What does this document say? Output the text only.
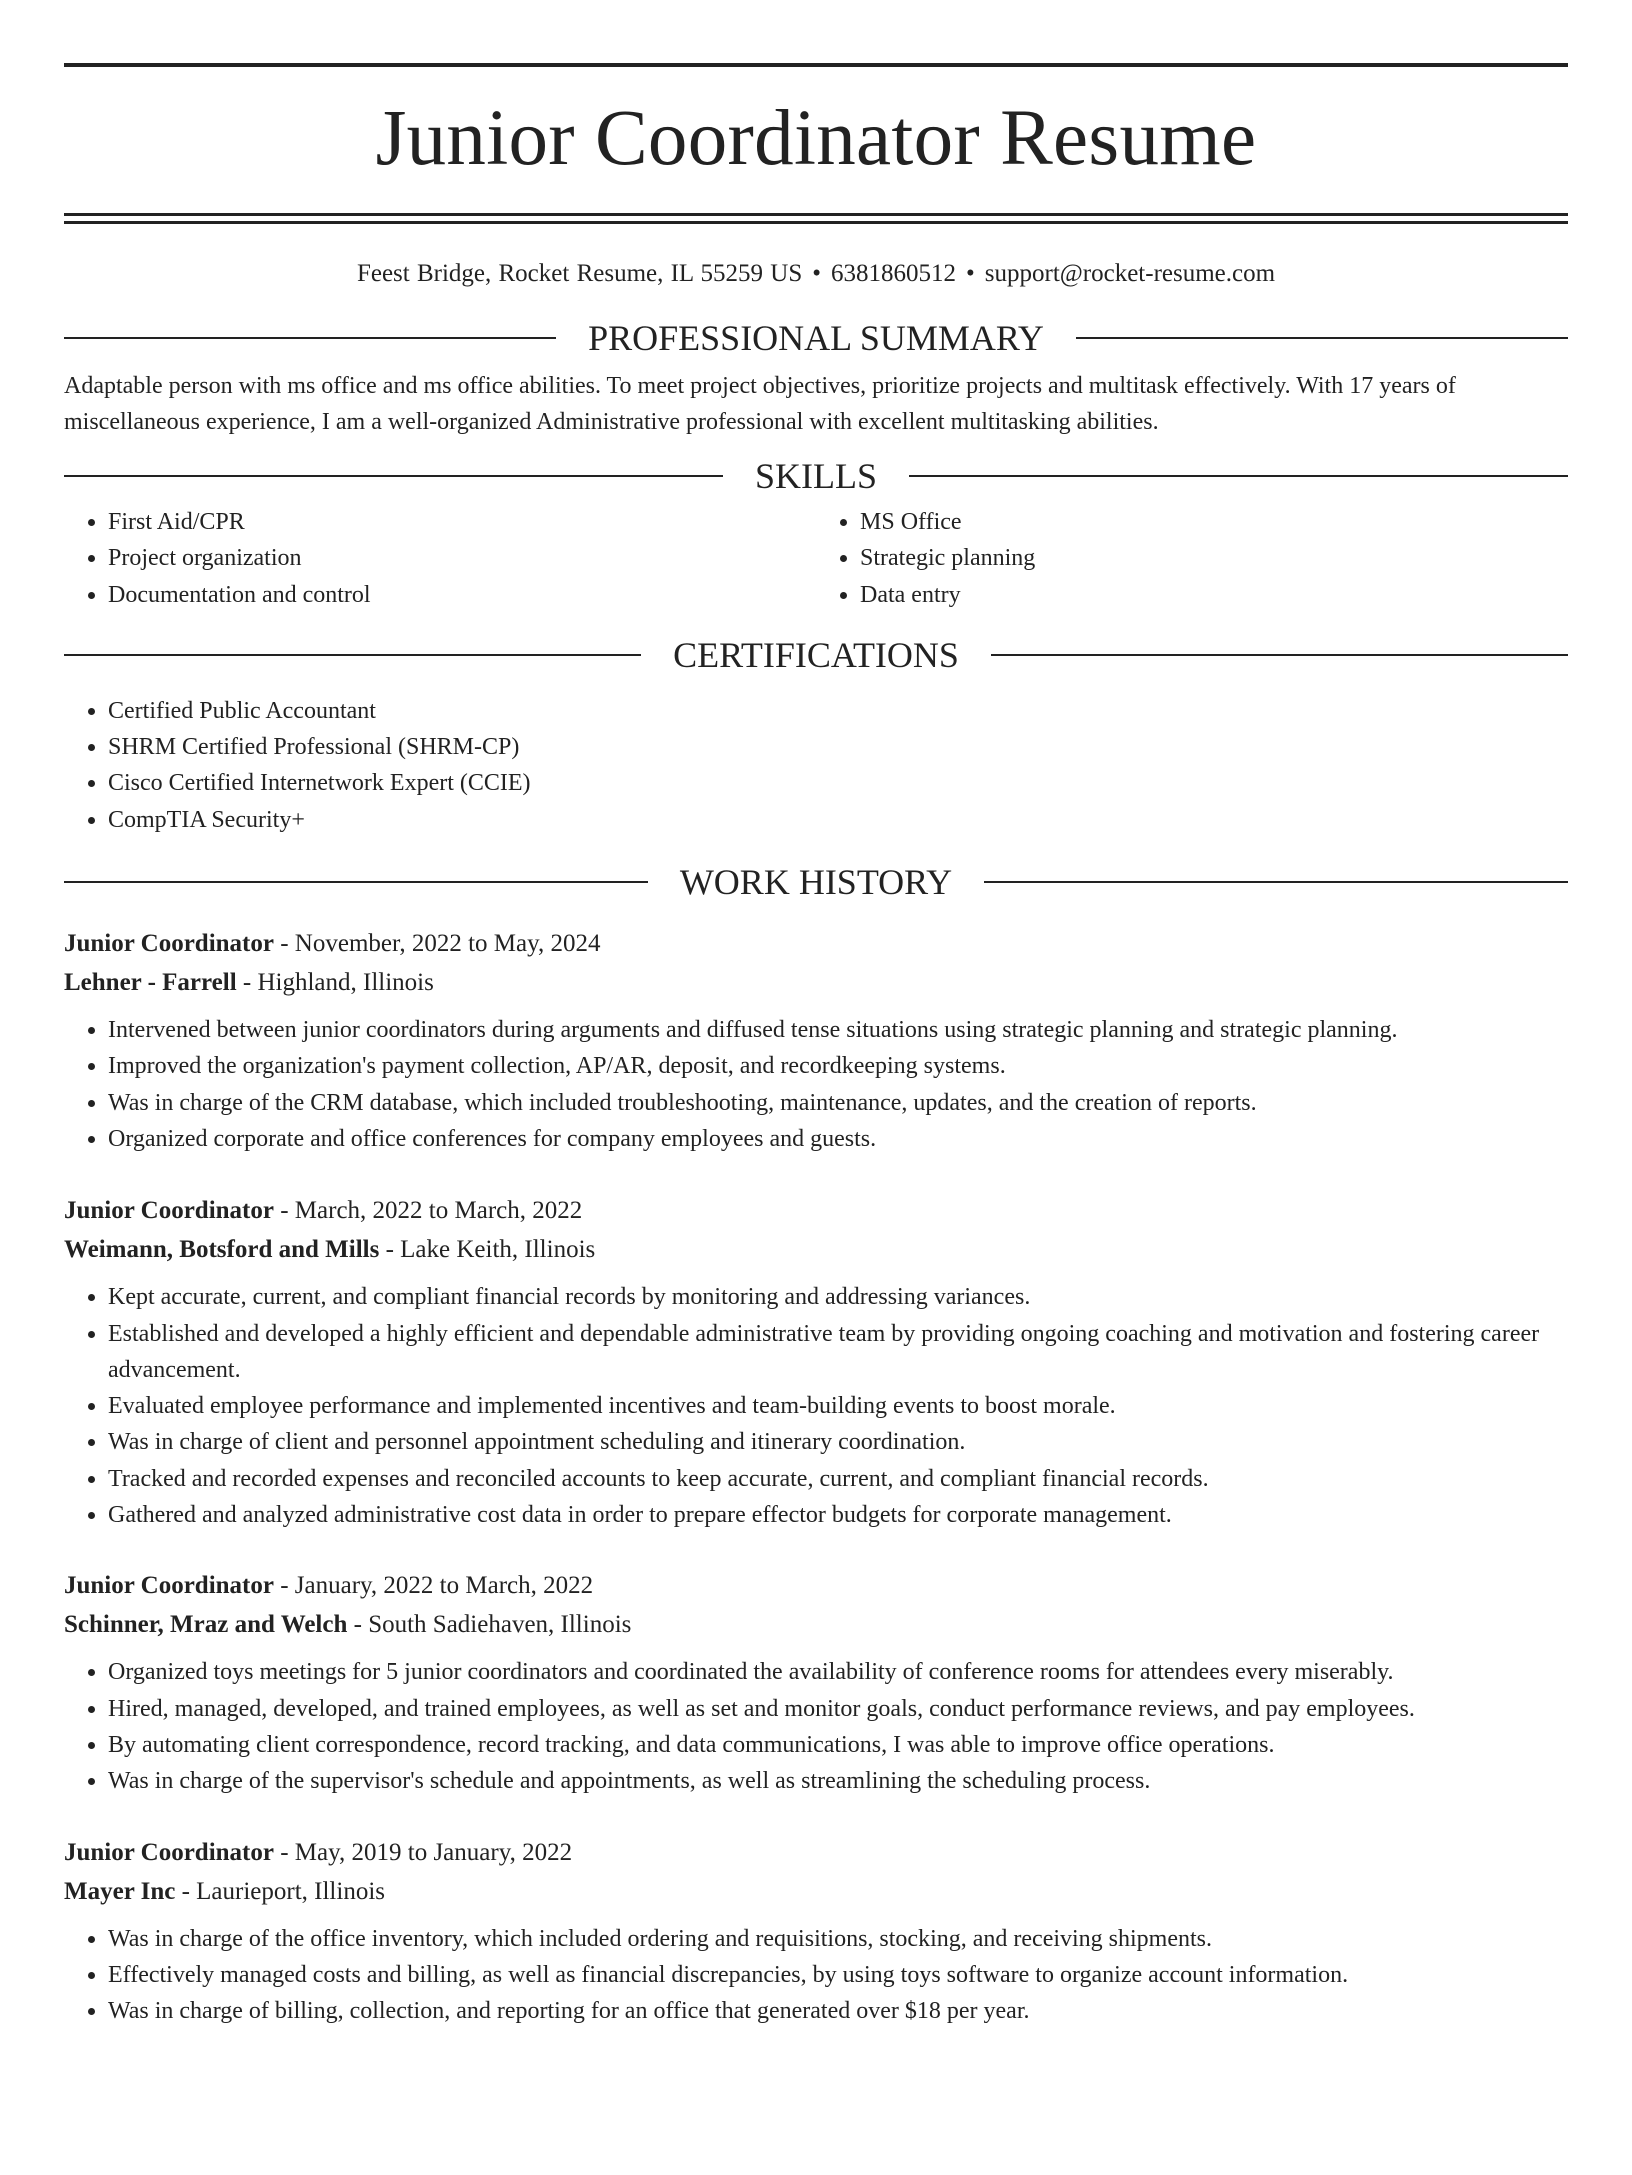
Junior Coordinator Resume
Feest Bridge, Rocket Resume, IL 55259 US • 6381860512 • support@rocket-resume.com
PROFESSIONAL SUMMARY

Adaptable person with ms office and ms office abilities. To meet project objectives, prioritize projects and multitask effectively. With 17 years of miscellaneous experience, I am a well-organized Administrative professional with excellent multitasking abilities.

SKILLS
• First Aid/CPR
• Project organization
• Documentation and control
• MS Office
• Strategic planning
• Data entry
CERTIFICATIONS
• Certified Public Accountant
• SHRM Certified Professional (SHRM-CP)
• Cisco Certified Internetwork Expert (CCIE)
• CompTIA Security+
WORK HISTORY
Junior Coordinator - November, 2022 to May, 2024
Lehner - Farrell - Highland, Illinois
• Intervened between junior coordinators during arguments and diffused tense situations using strategic planning and strategic planning.
• Improved the organization's payment collection, AP/AR, deposit, and recordkeeping systems.
• Was in charge of the CRM database, which included troubleshooting, maintenance, updates, and the creation of reports.
• Organized corporate and office conferences for company employees and guests.
Junior Coordinator - March, 2022 to March, 2022
Weimann, Botsford and Mills - Lake Keith, Illinois
• Kept accurate, current, and compliant financial records by monitoring and addressing variances.
• Established and developed a highly efficient and dependable administrative team by providing ongoing coaching and motivation and fostering career advancement.
• Evaluated employee performance and implemented incentives and team-building events to boost morale.
• Was in charge of client and personnel appointment scheduling and itinerary coordination.
• Tracked and recorded expenses and reconciled accounts to keep accurate, current, and compliant financial records.
• Gathered and analyzed administrative cost data in order to prepare effector budgets for corporate management.
Junior Coordinator - January, 2022 to March, 2022
Schinner, Mraz and Welch - South Sadiehaven, Illinois
• Organized toys meetings for 5 junior coordinators and coordinated the availability of conference rooms for attendees every miserably.
• Hired, managed, developed, and trained employees, as well as set and monitor goals, conduct performance reviews, and pay employees.
• By automating client correspondence, record tracking, and data communications, I was able to improve office operations.
• Was in charge of the supervisor's schedule and appointments, as well as streamlining the scheduling process.
Junior Coordinator - May, 2019 to January, 2022
Mayer Inc - Laurieport, Illinois
• Was in charge of the office inventory, which included ordering and requisitions, stocking, and receiving shipments.
• Effectively managed costs and billing, as well as financial discrepancies, by using toys software to organize account information.
• Was in charge of billing, collection, and reporting for an office that generated over $18 per year.
